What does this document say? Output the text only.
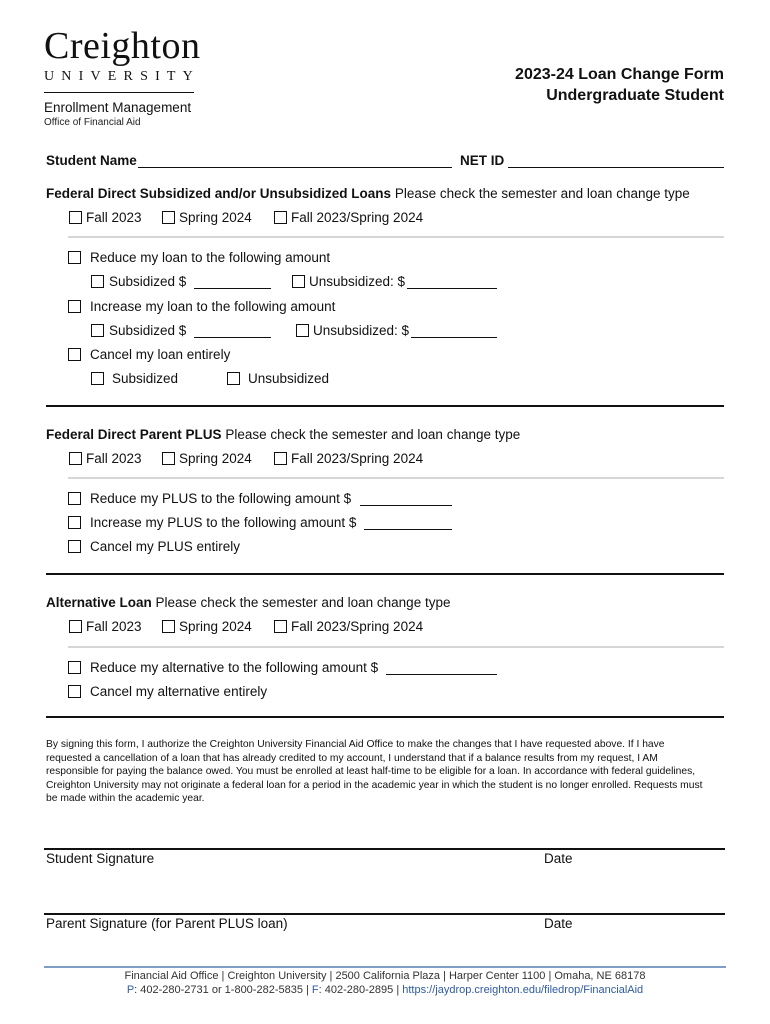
Creighton
UNIVERSITY
Enrollment Management
Office of Financial Aid
2023-24 Loan Change Form
Undergraduate Student
Student Name	NET ID
Federal Direct Subsidized and/or Unsubsidized Loans Please check the semester and loan change type
Fall 2023	Spring 2024	Fall 2023/Spring 2024
Reduce my loan to the following amount
Subsidized $	Unsubsidized: $
Increase my loan to the following amount
Subsidized $	Unsubsidized: $
Cancel my loan entirely
Subsidized	Unsubsidized
Federal Direct Parent PLUS Please check the semester and loan change type
Fall 2023	Spring 2024	Fall 2023/Spring 2024
Reduce my PLUS to the following amount $
Increase my PLUS to the following amount $
Cancel my PLUS entirely
Alternative Loan Please check the semester and loan change type
Fall 2023	Spring 2024	Fall 2023/Spring 2024
Reduce my alternative to the following amount $
Cancel my alternative entirely
By signing this form, I authorize the Creighton University Financial Aid Office to make the changes that I have requested above. If I have requested a cancellation of a loan that has already credited to my account, I understand that if a balance results from my request, I AM responsible for paying the balance owed. You must be enrolled at least half-time to be eligible for a loan. In accordance with federal guidelines, Creighton University may not originate a federal loan for a period in the academic year in which the student is no longer enrolled. Requests must be made within the academic year.
Student Signature	Date
Parent Signature (for Parent PLUS loan)	Date
Financial Aid Office | Creighton University | 2500 California Plaza | Harper Center 1100 | Omaha, NE 68178
P: 402-280-2731 or 1-800-282-5835 | F: 402-280-2895 | https://jaydrop.creighton.edu/filedrop/FinancialAid
